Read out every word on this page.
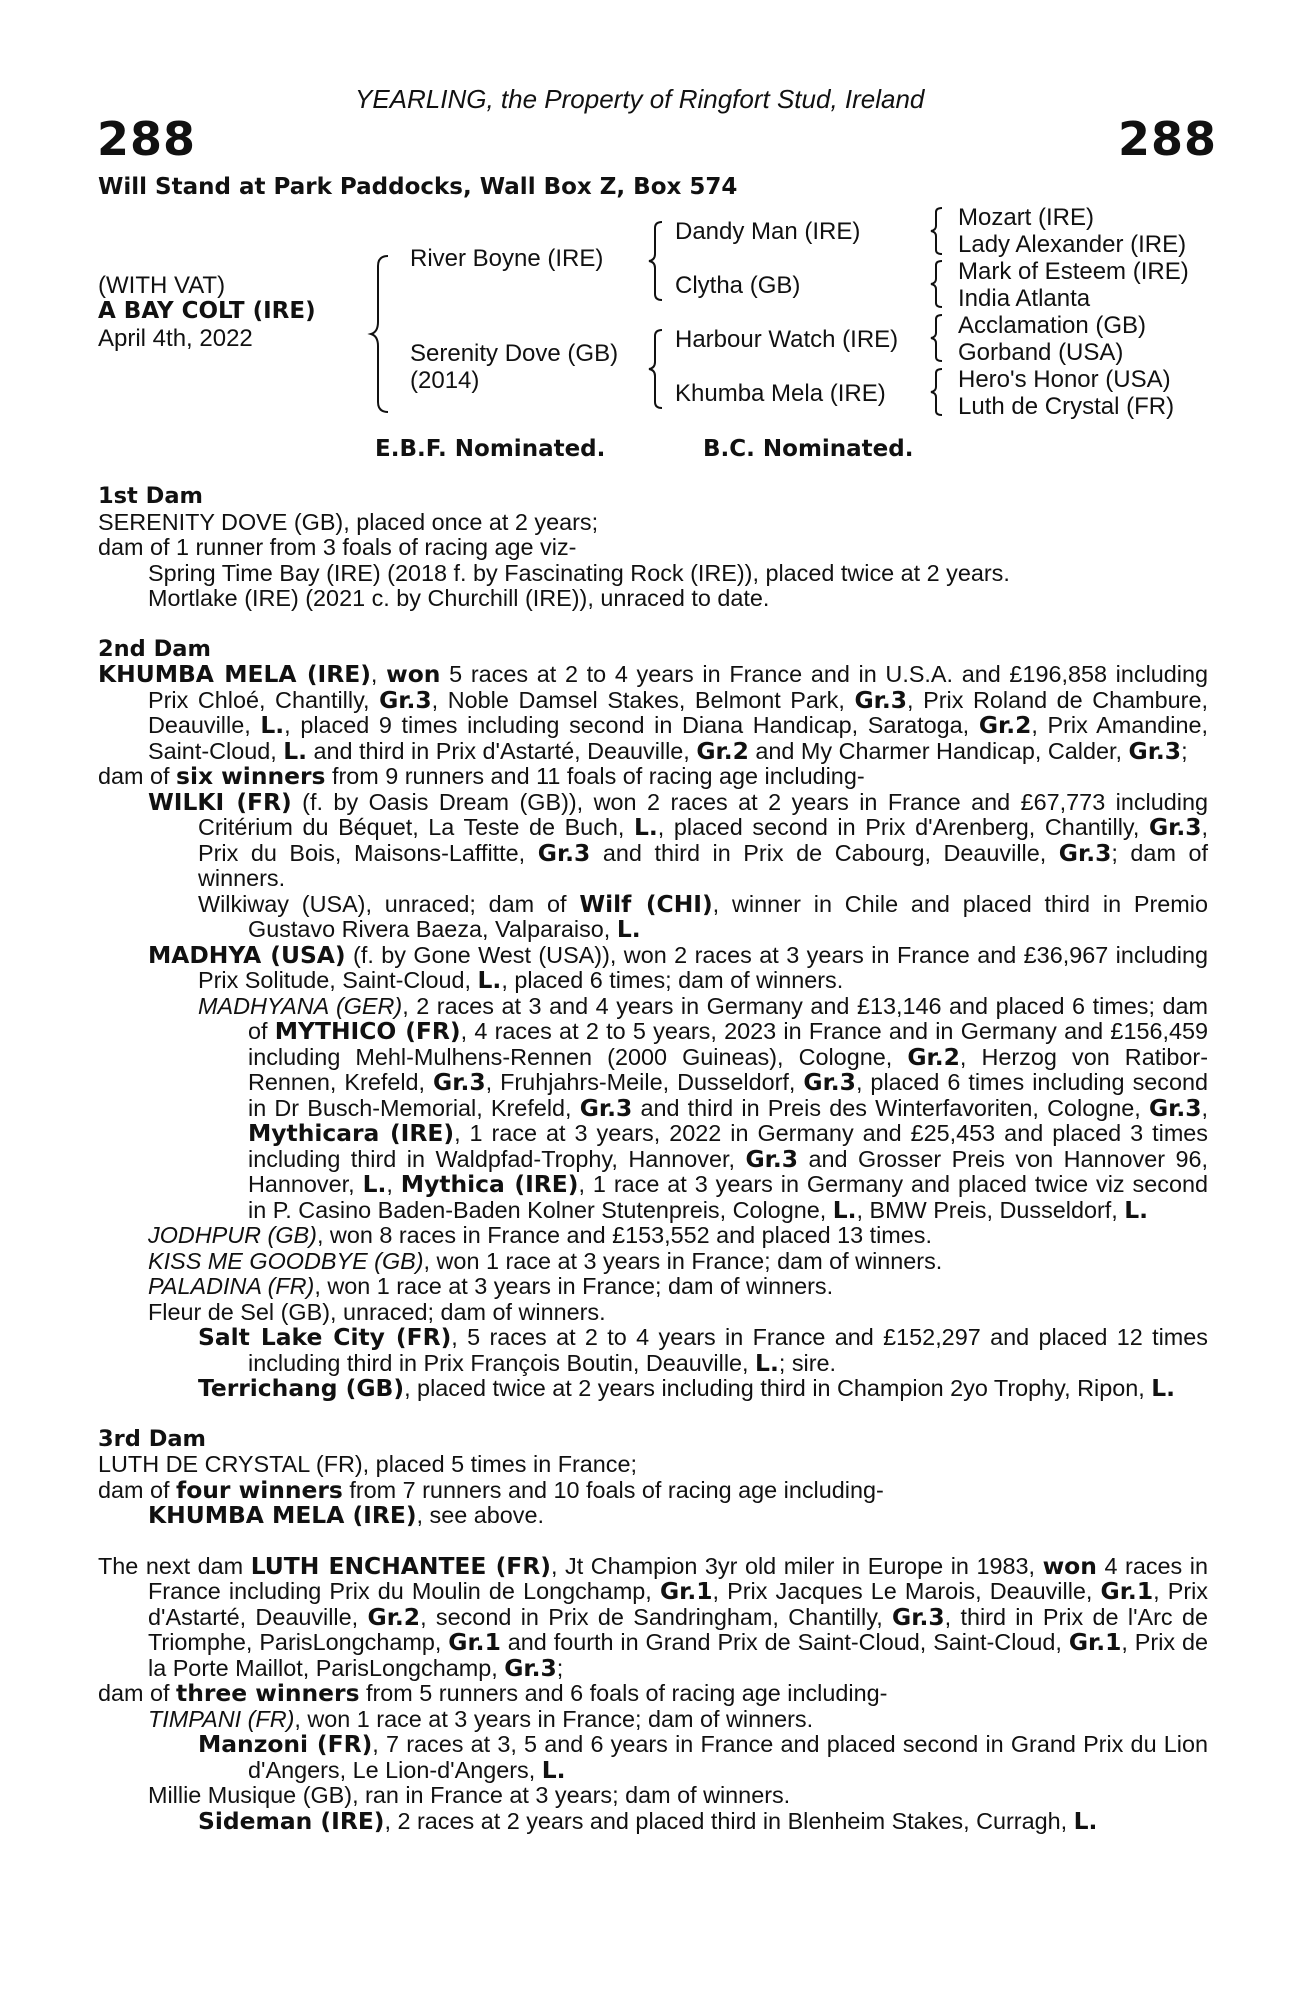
YEARLING, the Property of Ringfort Stud, Ireland
288	288
Will Stand at Park Paddocks, Wall Box Z, Box 574
(WITH VAT)
A BAY COLT (IRE)
April 4th, 2022
River Boyne (IRE)
Serenity Dove (GB)
(2014)
Dandy Man (IRE)
Clytha (GB)
Harbour Watch (IRE)
Khumba Mela (IRE)
Mozart (IRE)
Lady Alexander (IRE)
Mark of Esteem (IRE)
India Atlanta
Acclamation (GB)
Gorband (USA)
Hero's Honor (USA)
Luth de Crystal (FR)
E.B.F. Nominated.	B.C. Nominated.

1st Dam

SERENITY DOVE (GB), placed once at 2 years;

dam of 1 runner from 3 foals of racing age viz-

Spring Time Bay (IRE) (2018 f. by Fascinating Rock (IRE)), placed twice at 2 years.

Mortlake (IRE) (2021 c. by Churchill (IRE)), unraced to date.

2nd Dam

KHUMBA MELA (IRE), won 5 races at 2 to 4 years in France and in U.S.A. and £196,858 including Prix Chloé, Chantilly, Gr.3, Noble Damsel Stakes, Belmont Park, Gr.3, Prix Roland de Chambure, Deauville, L., placed 9 times including second in Diana Handicap, Saratoga, Gr.2, Prix Amandine, Saint-Cloud, L. and third in Prix d'Astarté, Deauville, Gr.2 and My Charmer Handicap, Calder, Gr.3;

dam of six winners from 9 runners and 11 foals of racing age including-

WILKI (FR) (f. by Oasis Dream (GB)), won 2 races at 2 years in France and £67,773 including Critérium du Béquet, La Teste de Buch, L., placed second in Prix d'Arenberg, Chantilly, Gr.3, Prix du Bois, Maisons-Laffitte, Gr.3 and third in Prix de Cabourg, Deauville, Gr.3; dam of winners.

Wilkiway (USA), unraced; dam of Wilf (CHI), winner in Chile and placed third in Premio Gustavo Rivera Baeza, Valparaiso, L.

MADHYA (USA) (f. by Gone West (USA)), won 2 races at 3 years in France and £36,967 including Prix Solitude, Saint-Cloud, L., placed 6 times; dam of winners.

MADHYANA (GER), 2 races at 3 and 4 years in Germany and £13,146 and placed 6 times; dam of MYTHICO (FR), 4 races at 2 to 5 years, 2023 in France and in Germany and £156,459 including Mehl-Mulhens-Rennen (2000 Guineas), Cologne, Gr.2, Herzog von Ratibor-Rennen, Krefeld, Gr.3, Fruhjahrs-Meile, Dusseldorf, Gr.3, placed 6 times including second in Dr Busch-Memorial, Krefeld, Gr.3 and third in Preis des Winterfavoriten, Cologne, Gr.3, Mythicara (IRE), 1 race at 3 years, 2022 in Germany and £25,453 and placed 3 times including third in Waldpfad-Trophy, Hannover, Gr.3 and Grosser Preis von Hannover 96, Hannover, L., Mythica (IRE), 1 race at 3 years in Germany and placed twice viz second in P. Casino Baden-Baden Kolner Stutenpreis, Cologne, L., BMW Preis, Dusseldorf, L.

JODHPUR (GB), won 8 races in France and £153,552 and placed 13 times.

KISS ME GOODBYE (GB), won 1 race at 3 years in France; dam of winners.

PALADINA (FR), won 1 race at 3 years in France; dam of winners.

Fleur de Sel (GB), unraced; dam of winners.

Salt Lake City (FR), 5 races at 2 to 4 years in France and £152,297 and placed 12 times including third in Prix François Boutin, Deauville, L.; sire.

Terrichang (GB), placed twice at 2 years including third in Champion 2yo Trophy, Ripon, L.

3rd Dam

LUTH DE CRYSTAL (FR), placed 5 times in France;

dam of four winners from 7 runners and 10 foals of racing age including-

KHUMBA MELA (IRE), see above.

The next dam LUTH ENCHANTEE (FR), Jt Champion 3yr old miler in Europe in 1983, won 4 races in France including Prix du Moulin de Longchamp, Gr.1, Prix Jacques Le Marois, Deauville, Gr.1, Prix d'Astarté, Deauville, Gr.2, second in Prix de Sandringham, Chantilly, Gr.3, third in Prix de l'Arc de Triomphe, ParisLongchamp, Gr.1 and fourth in Grand Prix de Saint-Cloud, Saint-Cloud, Gr.1, Prix de la Porte Maillot, ParisLongchamp, Gr.3;

dam of three winners from 5 runners and 6 foals of racing age including-

TIMPANI (FR), won 1 race at 3 years in France; dam of winners.

Manzoni (FR), 7 races at 3, 5 and 6 years in France and placed second in Grand Prix du Lion d'Angers, Le Lion-d'Angers, L.

Millie Musique (GB), ran in France at 3 years; dam of winners.

Sideman (IRE), 2 races at 2 years and placed third in Blenheim Stakes, Curragh, L.
